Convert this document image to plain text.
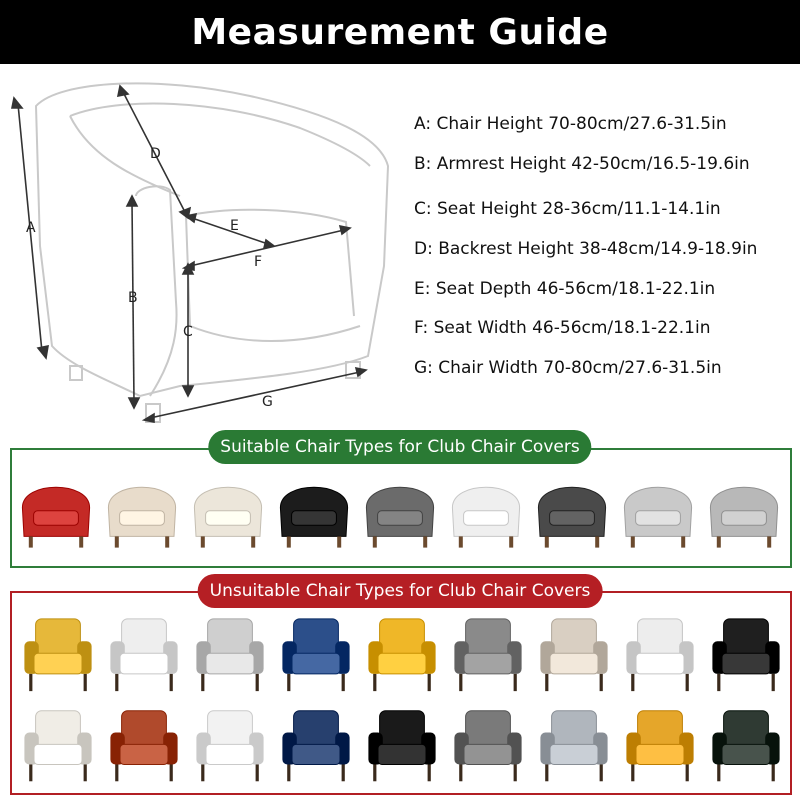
Measurement Guide
A
B
C
D
E
F
G
A: Chair Height 70-80cm/27.6-31.5in
B: Armrest Height 42-50cm/16.5-19.6in
C: Seat Height 28-36cm/11.1-14.1in
D: Backrest Height 38-48cm/14.9-18.9in
E: Seat Depth 46-56cm/18.1-22.1in
F: Seat Width 46-56cm/18.1-22.1in
G: Chair Width 70-80cm/27.6-31.5in
Suitable Chair Types for Club Chair Covers
Unsuitable Chair Types for Club Chair Covers
